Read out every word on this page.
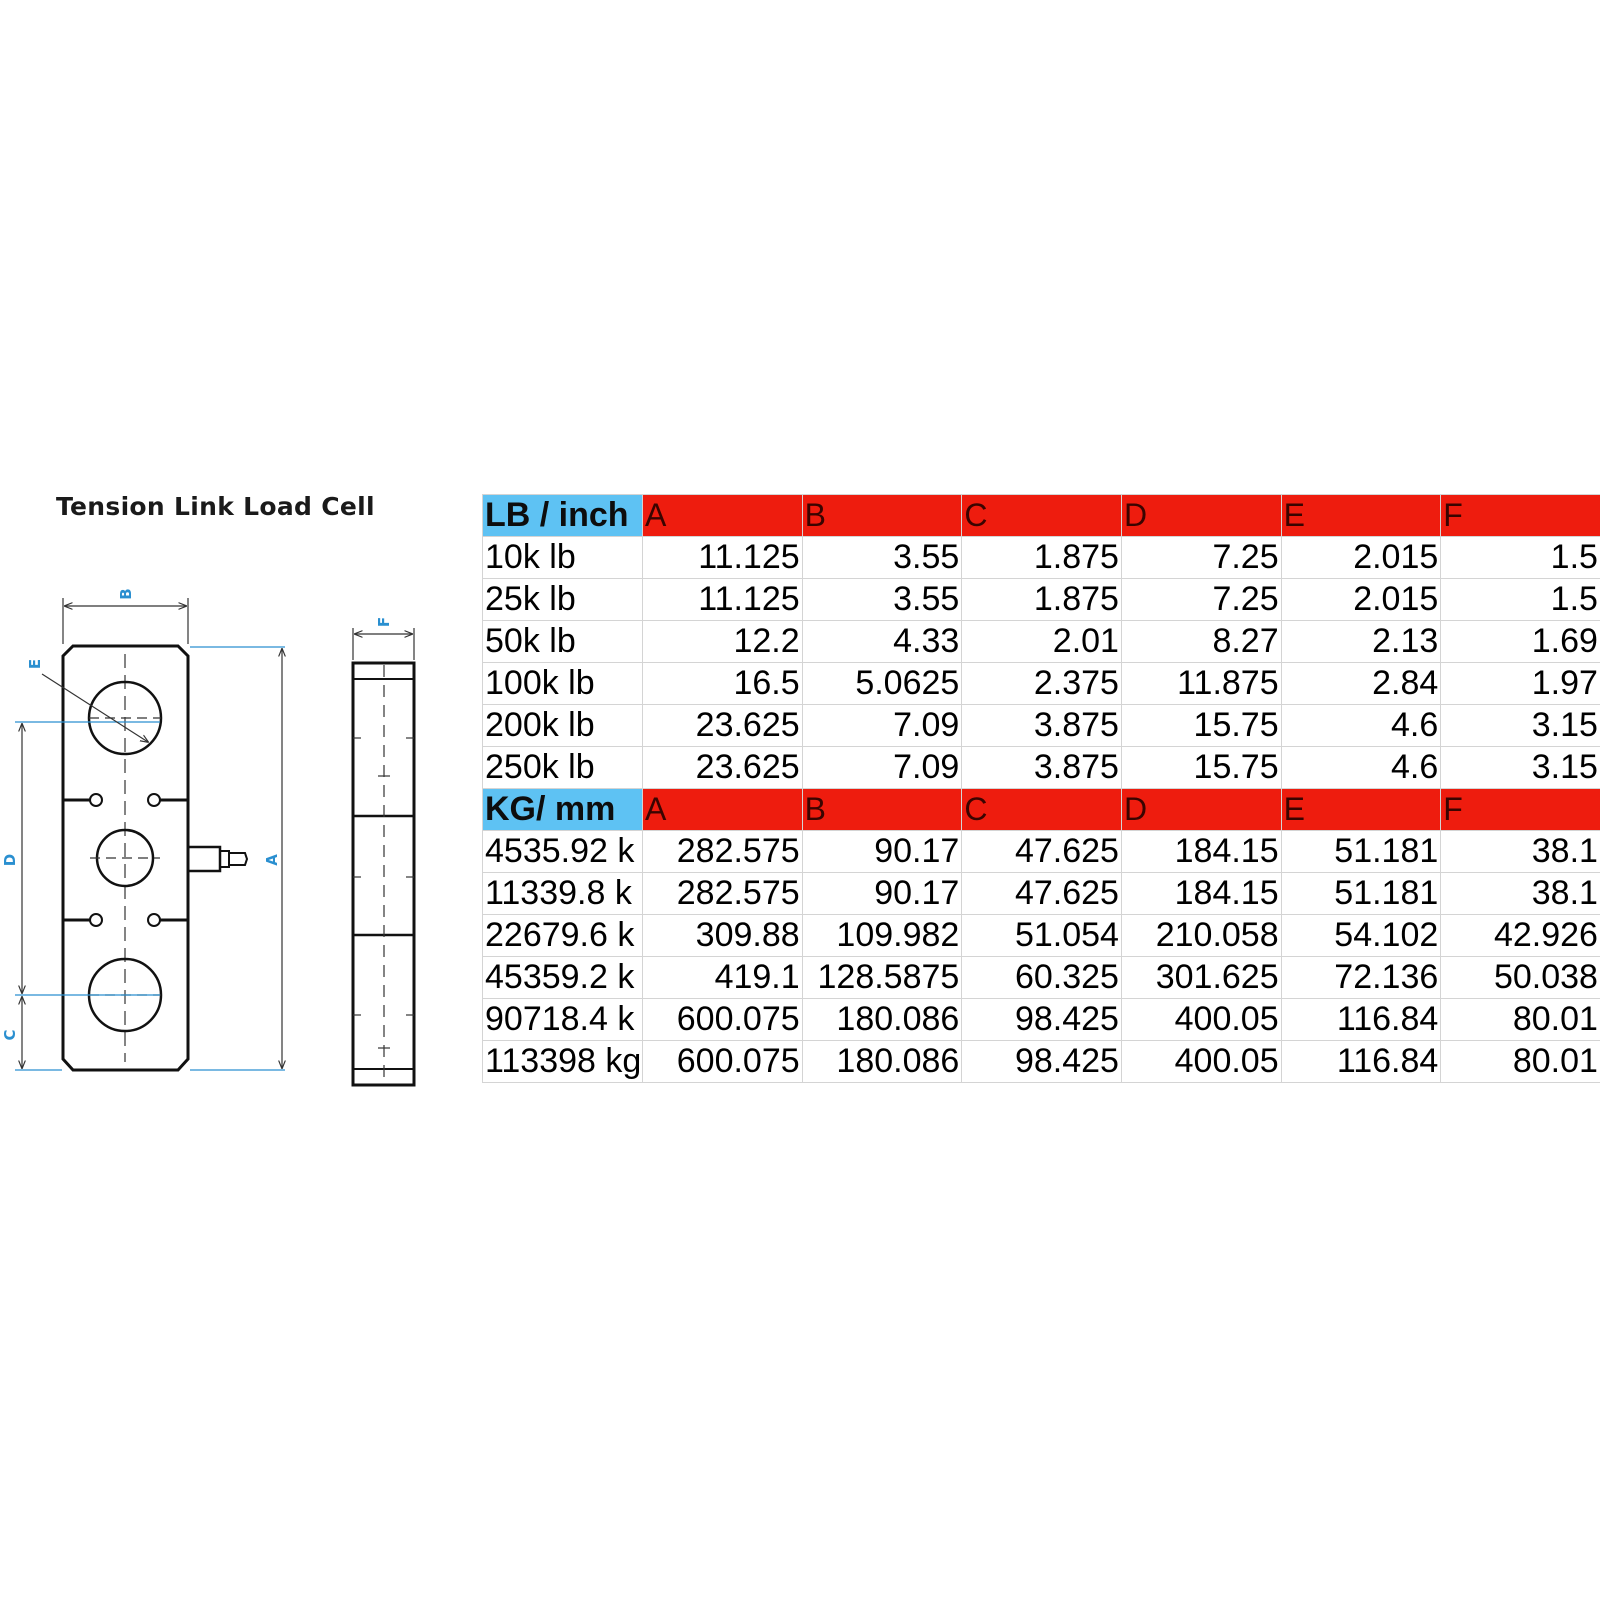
Tension Link Load Cell
A
B
D
C
E
F
LB / inch	A	B	C	D	E	F
10k lb	11.125	3.55	1.875	7.25	2.015	1.5
25k lb	11.125	3.55	1.875	7.25	2.015	1.5
50k lb	12.2	4.33	2.01	8.27	2.13	1.69
100k lb	16.5	5.0625	2.375	11.875	2.84	1.97
200k lb	23.625	7.09	3.875	15.75	4.6	3.15
250k lb	23.625	7.09	3.875	15.75	4.6	3.15
KG/ mm	A	B	C	D	E	F
4535.92 k	282.575	90.17	47.625	184.15	51.181	38.1
11339.8 k	282.575	90.17	47.625	184.15	51.181	38.1
22679.6 k	309.88	109.982	51.054	210.058	54.102	42.926
45359.2 k	419.1	128.5875	60.325	301.625	72.136	50.038
90718.4 k	600.075	180.086	98.425	400.05	116.84	80.01
113398 kg	600.075	180.086	98.425	400.05	116.84	80.01
